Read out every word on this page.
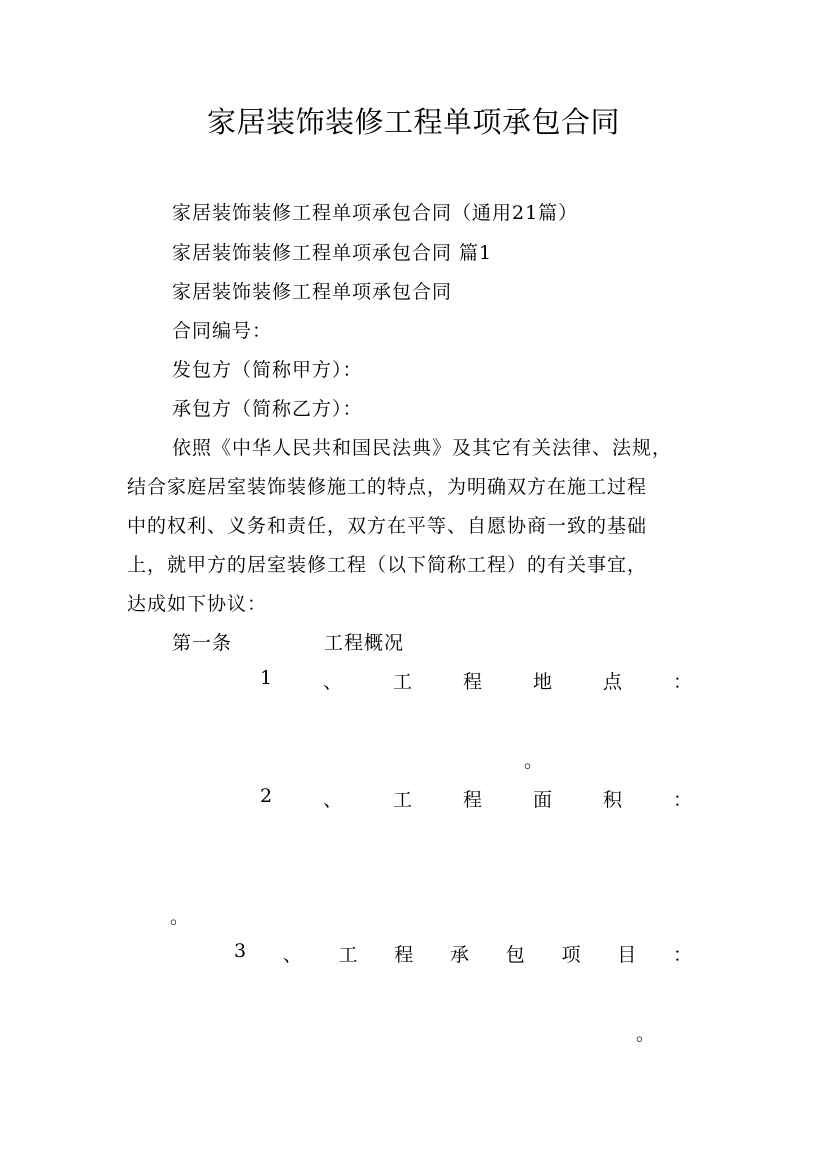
家居装饰装修工程单项承包合同
家居装饰装修工程单项承包合同（通用21篇）
家居装饰装修工程单项承包合同 篇1
家居装饰装修工程单项承包合同
合同编号：
发包方（简称甲方）：
承包方（简称乙方）：
依照《中华人民共和国民法典》及其它有关法律、法规，
结合家庭居室装饰装修施工的特点，为明确双方在施工过程
中的权利、义务和责任，双方在平等、自愿协商一致的基础
上，就甲方的居室装修工程（以下简称工程）的有关事宜，
达成如下协议：
第一条	工程概况
1	、	工	程	地	点	：
。
2	、	工	程	面	积	：
。
3 、 工 程 承 包 项 目 ：
。
